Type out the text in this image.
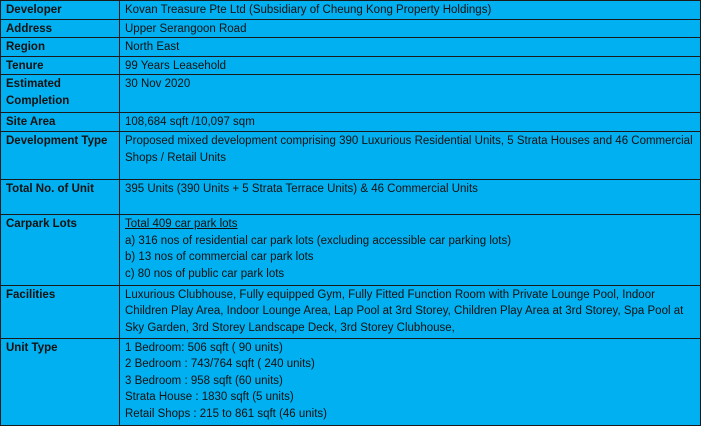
Developer	Kovan Treasure Pte Ltd (Subsidiary of Cheung Kong Property Holdings)

Address	Upper Serangoon Road

Region	North East

Tenure	99 Years Leasehold

Estimated Completion	30 Nov 2020

Site Area	108,684 sqft /10,097 sqm

Development Type	Proposed mixed development comprising 390 Luxurious Residential Units, 5 Strata Houses and 46 Commercial Shops / Retail Units

Total No. of Unit	395 Units (390 Units + 5 Strata Terrace Units) & 46 Commercial Units

Carpark Lots	Total 409 car park lots
a) 316 nos of residential car park lots (excluding accessible car parking lots)
b) 13 nos of commercial car park lots
c) 80 nos of public car park lots

Facilities	Luxurious Clubhouse, Fully equipped Gym, Fully Fitted Function Room with Private Lounge Pool, Indoor Children Play Area, Indoor Lounge Area, Lap Pool at 3rd Storey, Children Play Area at 3rd Storey, Spa Pool at Sky Garden, 3rd Storey Landscape Deck, 3rd Storey Clubhouse,

Unit Type	1 Bedroom: 506 sqft ( 90 units)
2 Bedroom : 743/764 sqft ( 240 units)
3 Bedroom : 958 sqft (60 units)
Strata House : 1830 sqft (5 units)
Retail Shops : 215 to 861 sqft (46 units)
